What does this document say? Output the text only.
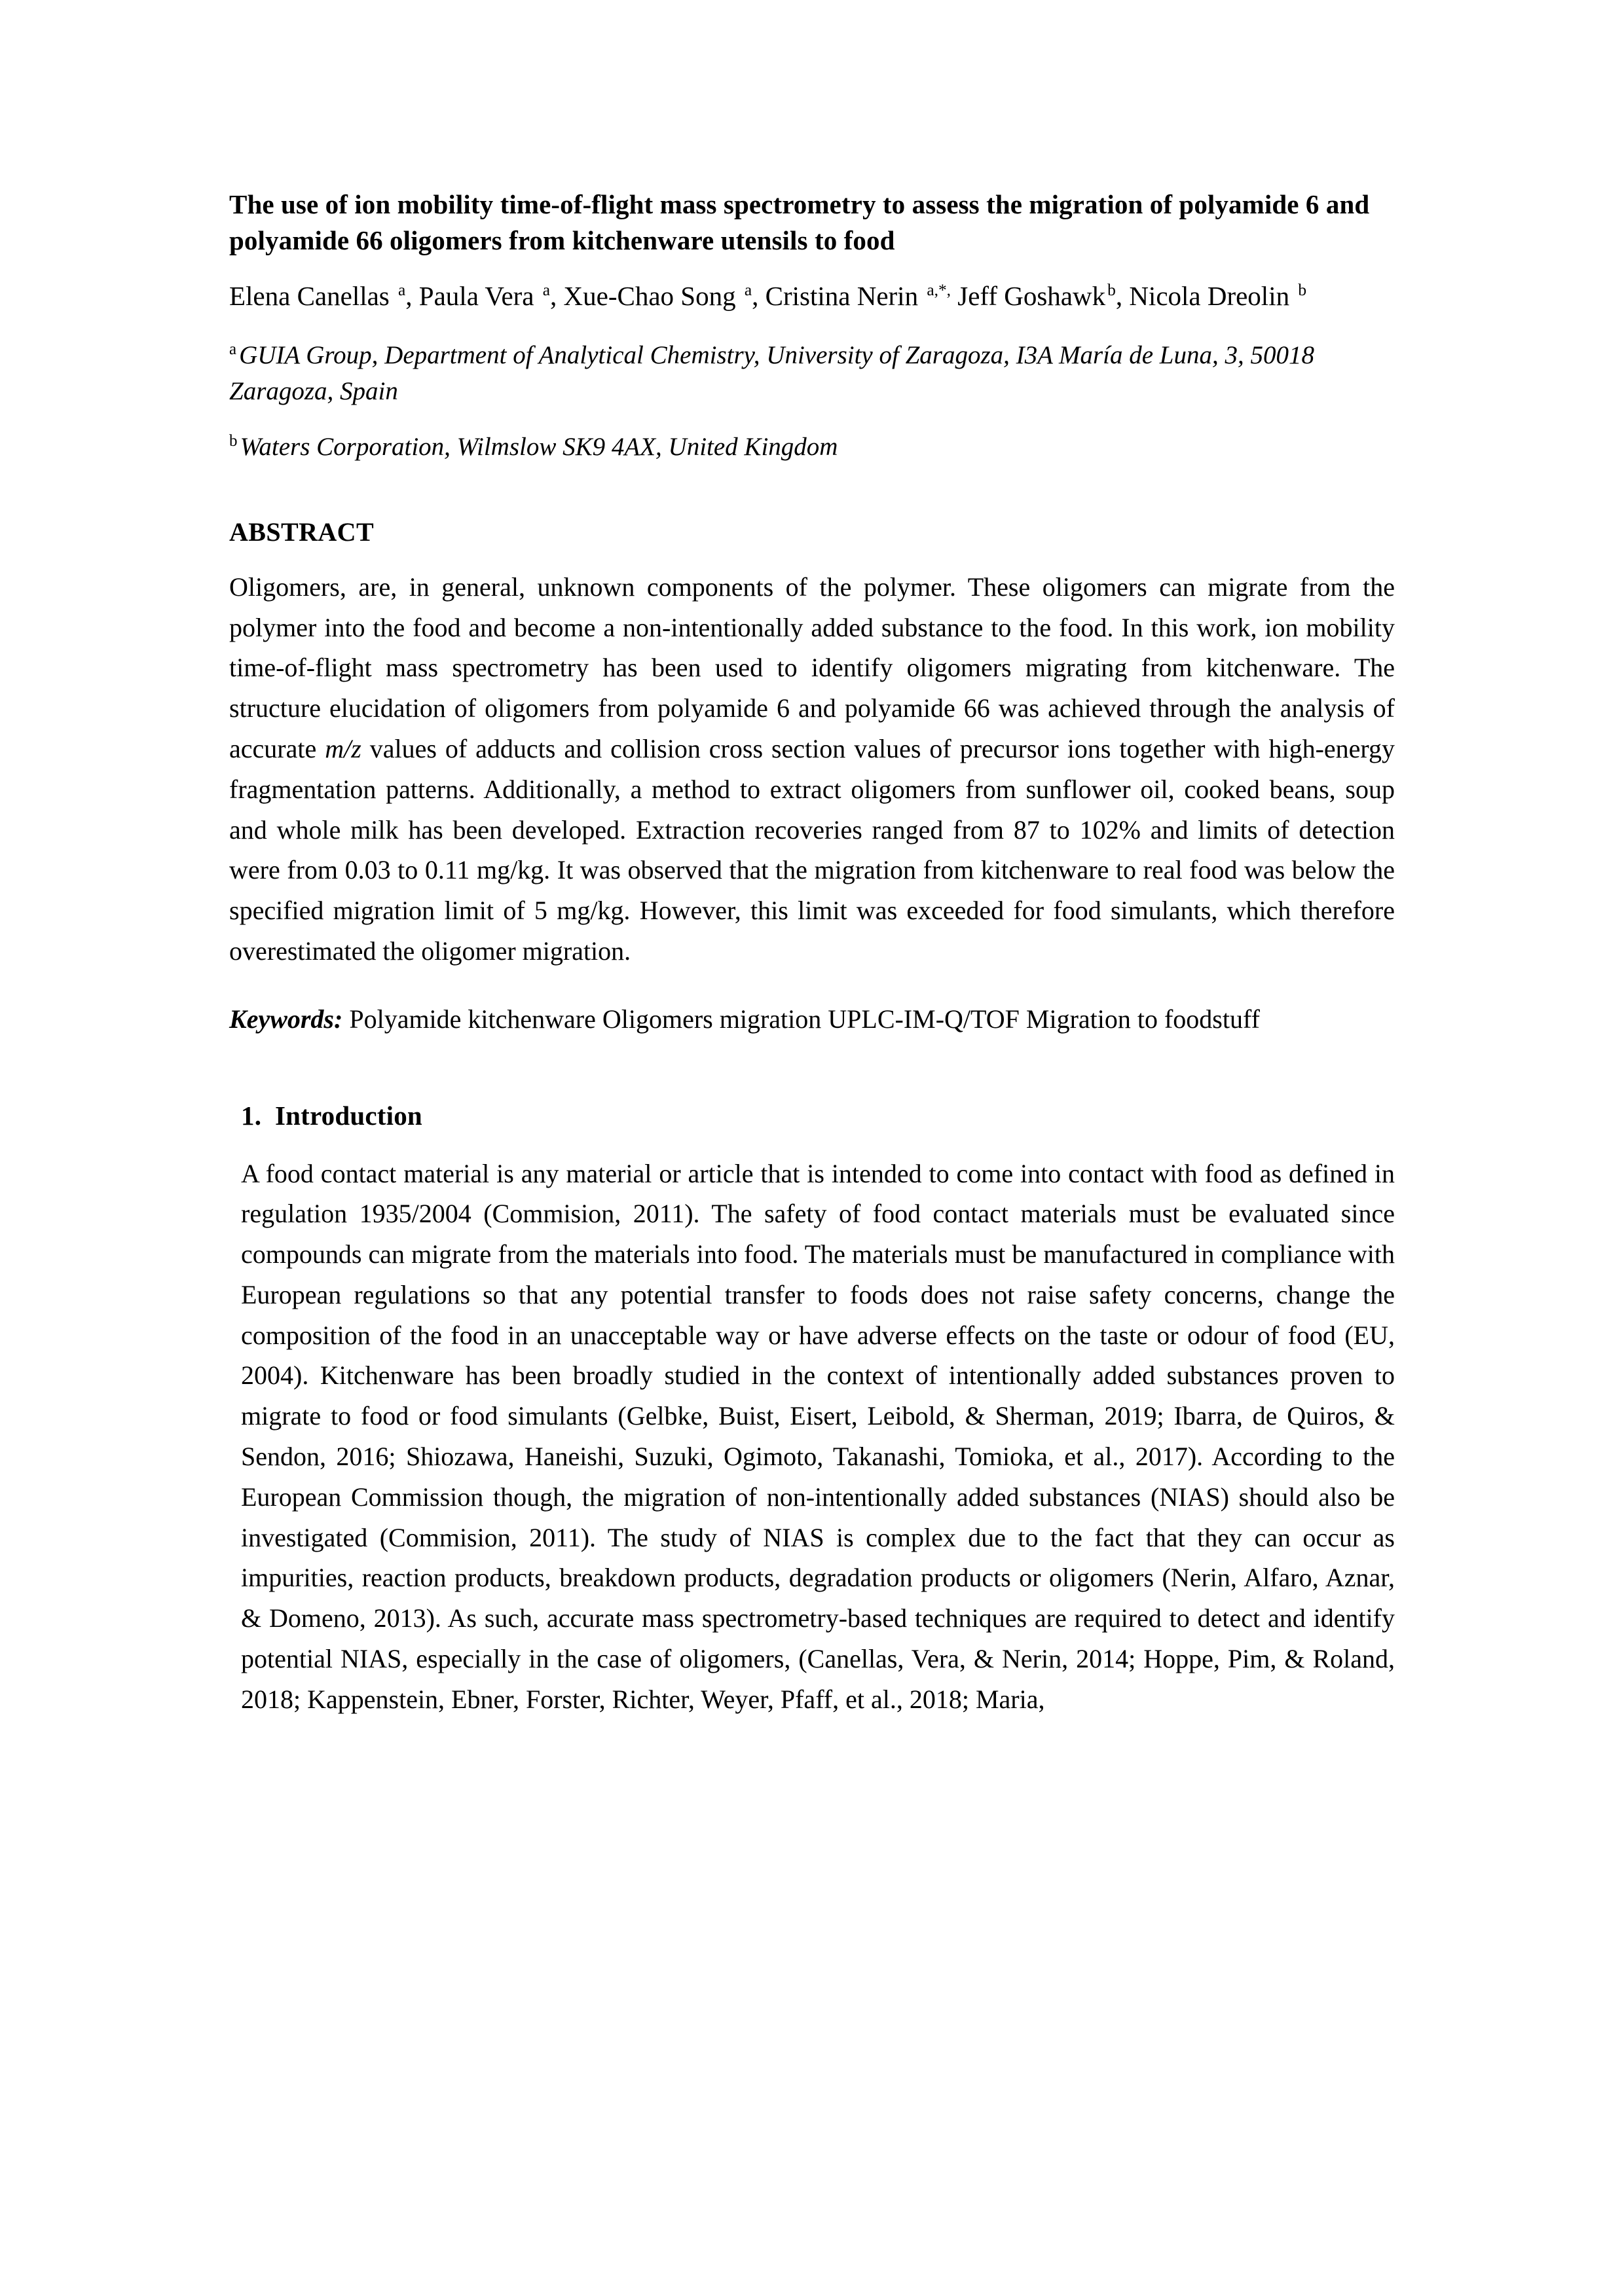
The use of ion mobility time-of-flight mass spectrometry to assess the migration of polyamide 6 and polyamide 66 oligomers from kitchenware utensils to food

Elena Canellas $^a$, Paula Vera $^a$, Xue-Chao Song $^a$, Cristina Nerin $^{a,*,}$ Jeff Goshawk $^b$, Nicola Dreolin $^b$

$^a$ GUIA Group, Department of Analytical Chemistry, University of Zaragoza, I3A María de Luna, 3, 50018 Zaragoza, Spain

$^b$ Waters Corporation, Wilmslow SK9 4AX, United Kingdom

ABSTRACT

Oligomers, are, in general, unknown components of the polymer. These oligomers can migrate from the polymer into the food and become a non-intentionally added substance to the food. In this work, ion mobility time-of-flight mass spectrometry has been used to identify oligomers migrating from kitchenware. The structure elucidation of oligomers from polyamide 6 and polyamide 66 was achieved through the analysis of accurate m/z values of adducts and collision cross section values of precursor ions together with high-energy fragmentation patterns. Additionally, a method to extract oligomers from sunflower oil, cooked beans, soup and whole milk has been developed. Extraction recoveries ranged from 87 to 102% and limits of detection were from 0.03 to 0.11 mg/kg. It was observed that the migration from kitchenware to real food was below the specified migration limit of 5 mg/kg. However, this limit was exceeded for food simulants, which therefore overestimated the oligomer migration.

Keywords: Polyamide kitchenware Oligomers migration UPLC-IM-Q/TOF Migration to foodstuff

1. Introduction

A food contact material is any material or article that is intended to come into contact with food as defined in regulation 1935/2004 (Commision, 2011). The safety of food contact materials must be evaluated since compounds can migrate from the materials into food. The materials must be manufactured in compliance with European regulations so that any potential transfer to foods does not raise safety concerns, change the composition of the food in an unacceptable way or have adverse effects on the taste or odour of food (EU, 2004). Kitchenware has been broadly studied in the context of intentionally added substances proven to migrate to food or food simulants (Gelbke, Buist, Eisert, Leibold, & Sherman, 2019; Ibarra, de Quiros, & Sendon, 2016; Shiozawa, Haneishi, Suzuki, Ogimoto, Takanashi, Tomioka, et al., 2017). According to the European Commission though, the migration of non-intentionally added substances (NIAS) should also be investigated (Commision, 2011). The study of NIAS is complex due to the fact that they can occur as impurities, reaction products, breakdown products, degradation products or oligomers (Nerin, Alfaro, Aznar, & Domeno, 2013). As such, accurate mass spectrometry-based techniques are required to detect and identify potential NIAS, especially in the case of oligomers, (Canellas, Vera, & Nerin, 2014; Hoppe, Pim, & Roland, 2018; Kappenstein, Ebner, Forster, Richter, Weyer, Pfaff, et al., 2018; Maria,
